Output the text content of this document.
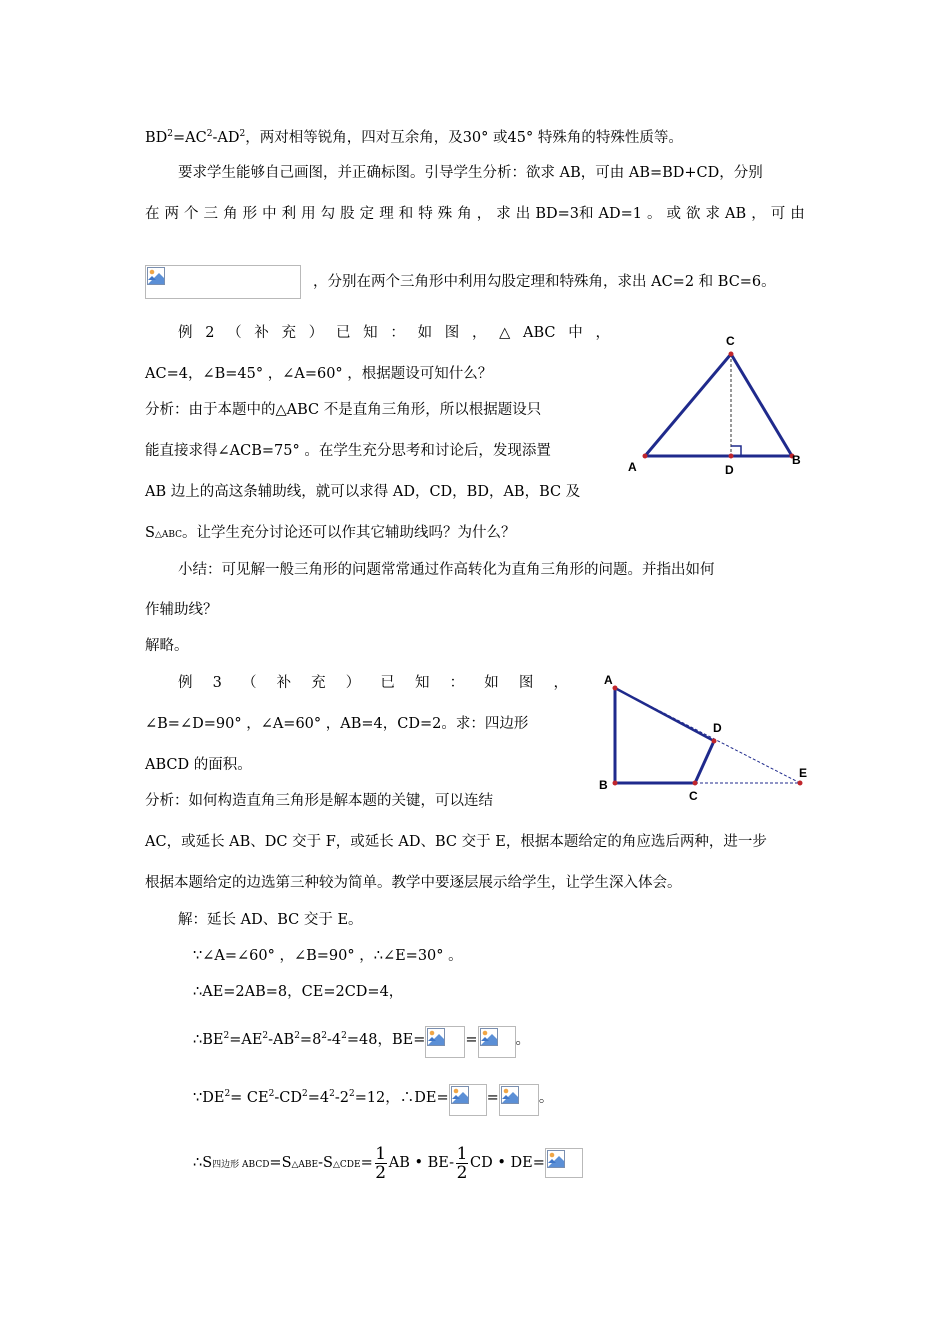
$BD^2=AC^2-AD^2$，两对相等锐角，四对互余角，及30° 或45° 特殊角的特殊性质等。
要求学生能够自己画图，并正确标图。引导学生分析：欲求 AB，可由 AB=BD+CD，分别
在 两 个 三 角 形 中 利 用 勾 股 定 理 和 特 殊 角 ， 求 出 BD=3和 AD=1 。 或 欲 求 AB ， 可 由
，分别在两个三角形中利用勾股定理和特殊角，求出 AC=2 和 BC=6。
例 2 （ 补 充 ） 已 知 ： 如 图 ， △ ABC 中 ，
AC=4，∠B=45° ，∠A=60° ，根据题设可知什么？
分析：由于本题中的△ABC 不是直角三角形，所以根据题设只
能直接求得∠ACB=75° 。在学生充分思考和讨论后，发现添置
AB 边上的高这条辅助线，就可以求得 AD，CD，BD，AB，BC 及
S△ABC。让学生充分讨论还可以作其它辅助线吗？为什么？
小结：可见解一般三角形的问题常常通过作高转化为直角三角形的问题。并指出如何
作辅助线？
解略。
A	B
C
D
例 3 （ 补 充 ） 已 知 ： 如 图 ，
∠B=∠D=90° ，∠A=60° ，AB=4，CD=2。求：四边形
ABCD 的面积。
分析：如何构造直角三角形是解本题的关键，可以连结
AC，或延长 AB、DC 交于 F，或延长 AD、BC 交于 E，根据本题给定的角应选后两种，进一步
根据本题给定的边选第三种较为简单。教学中要逐层展示给学生，让学生深入体会。
A
B
C
D
E
解：延长 AD、BC 交于 E。
∵∠A=∠60° ，∠B=90° ，∴∠E=30° 。
∴AE=2AB=8，CE=2CD=4，
$\therefore BE^2=AE^2-AB^2=8^2-4^2=48$，BE=	=	。
$\because DE^2= CE^2-CD^2=4^2-2^2=12$，∴DE=	=	。
∴S四边形 ABCD=S△ABE-S△CDE= $\frac{1}{2}$ AB • $BE- \frac{1}{2}$ CD • DE=
